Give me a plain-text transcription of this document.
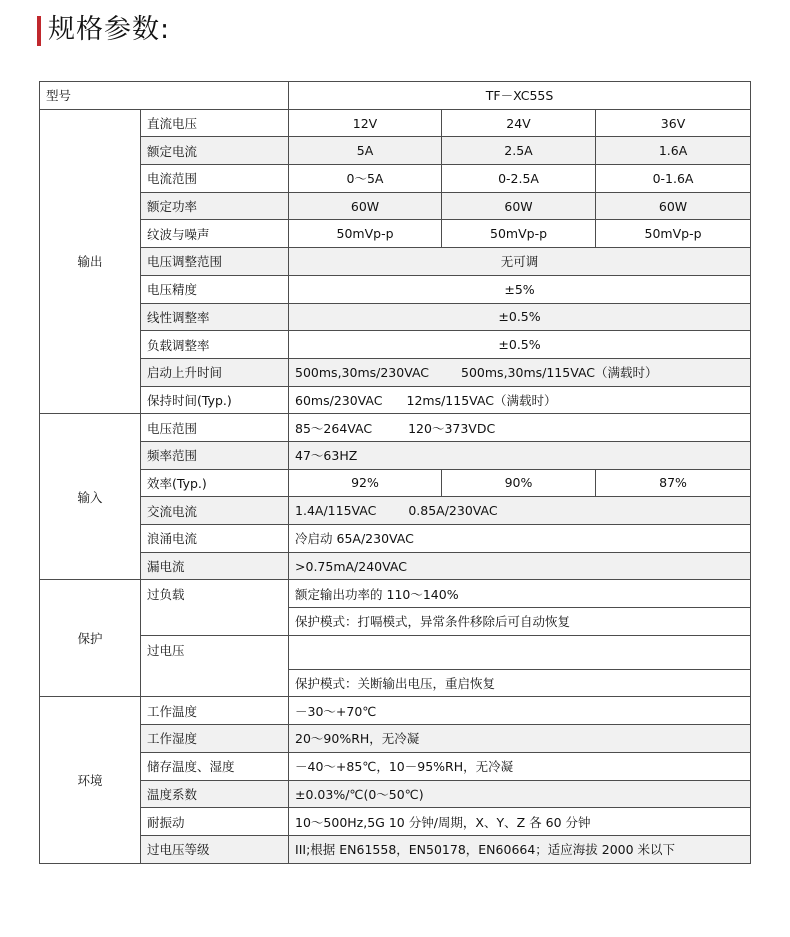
规格参数:
型号		TF－XC55S		
输出	直流电压	12V	24V	36V
	额定电流	5A	2.5A	1.6A
	电流范围	0～5A	0-2.5A	0-1.6A
	额定功率	60W	60W	60W
	纹波与噪声	50mVp-p	50mVp-p	50mVp-p
	电压调整范围	无可调		
	电压精度	±5%		
	线性调整率	±0.5%		
	负载调整率	±0.5%		
	启动上升时间	500ms,30ms/230VAC 500ms,30ms/115VAC（满载时）		
	保持时间(Typ.)	60ms/230VAC 12ms/115VAC（满载时）		
输入	电压范围	85～264VAC 120～373VDC		
	频率范围	47～63HZ		
	效率(Typ.)	92%	90%	87%
	交流电流	1.4A/115VAC 0.85A/230VAC		
	浪涌电流	冷启动 65A/230VAC		
	漏电流	>0.75mA/240VAC		
保护	过负载	额定输出功率的 110～140%		
		保护模式：打嗝模式，异常条件移除后可自动恢复		
	过电压			
		保护模式：关断输出电压，重启恢复		
环境	工作温度	－30～+70℃		
	工作湿度	20～90%RH，无冷凝		
	储存温度、湿度	－40～+85℃，10－95%RH，无冷凝		
	温度系数	±0.03%/℃(0～50℃)		
	耐振动	10～500Hz,5G 10 分钟/周期，X、Y、Z 各 60 分钟		
	过电压等级	III;根据 EN61558，EN50178，EN60664；适应海拔 2000 米以下		
